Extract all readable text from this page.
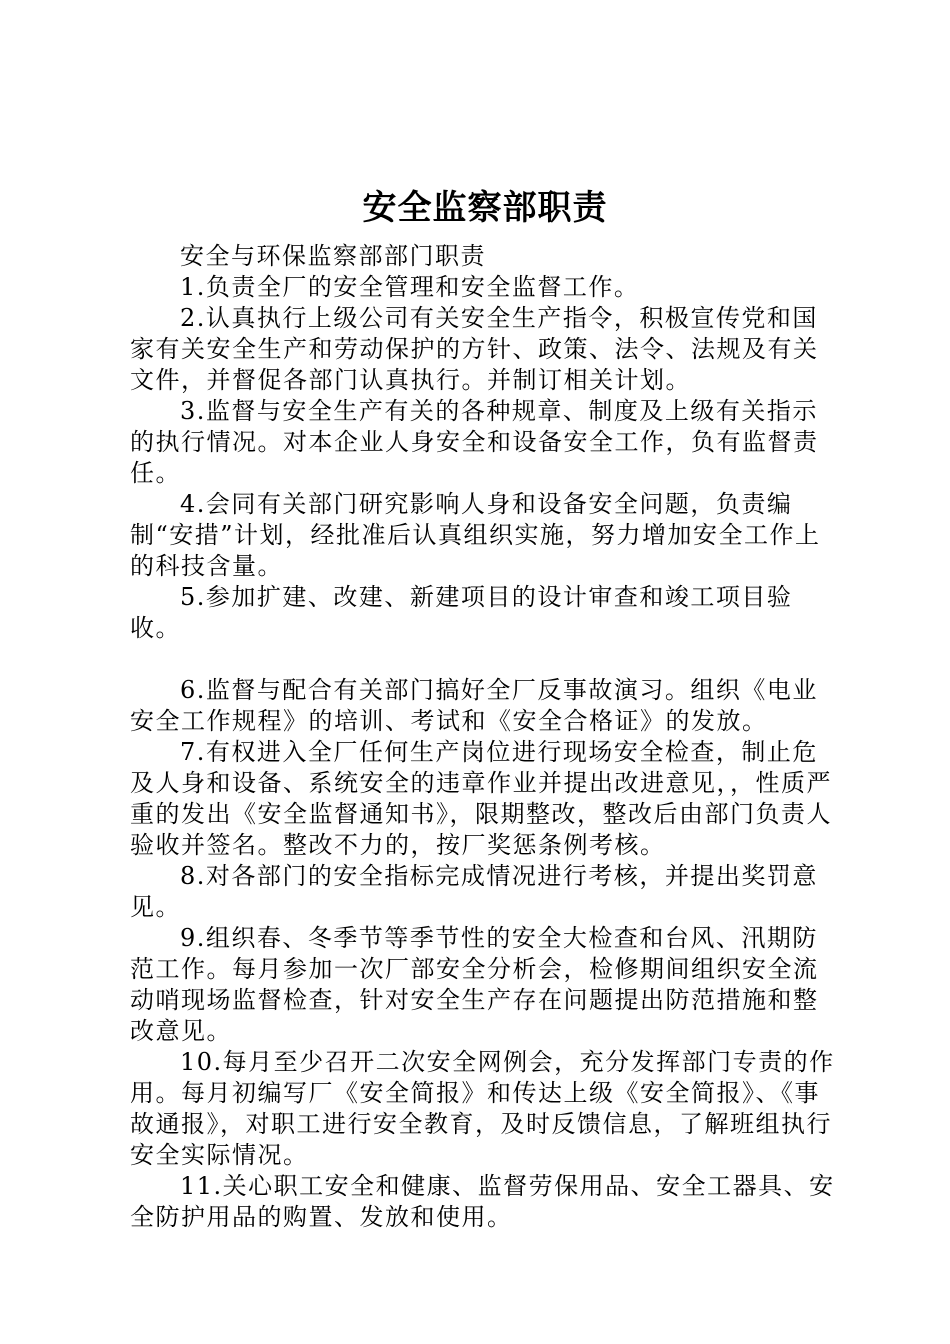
安全监察部职责

安全与环保监察部部门职责

1.负责全厂的安全管理和安全监督工作。

2.认真执行上级公司有关安全生产指令，积极宣传党和国家有关安全生产和劳动保护的方针、政策、法令、法规及有关文件，并督促各部门认真执行。并制订相关计划。

3.监督与安全生产有关的各种规章、制度及上级有关指示的执行情况。对本企业人身安全和设备安全工作，负有监督责任。

4.会同有关部门研究影响人身和设备安全问题，负责编制“安措”计划，经批准后认真组织实施，努力增加安全工作上的科技含量。

5.参加扩建、改建、新建项目的设计审查和竣工项目验收。

6.监督与配合有关部门搞好全厂反事故演习。组织《电业安全工作规程》的培训、考试和《安全合格证》的发放。

7.有权进入全厂任何生产岗位进行现场安全检查，制止危及人身和设备、系统安全的违章作业并提出改进意见，，性质严重的发出《安全监督通知书》，限期整改，整改后由部门负责人验收并签名。整改不力的，按厂奖惩条例考核。

8.对各部门的安全指标完成情况进行考核，并提出奖罚意见。

9.组织春、冬季节等季节性的安全大检查和台风、汛期防范工作。每月参加一次厂部安全分析会，检修期间组织安全流动哨现场监督检查，针对安全生产存在问题提出防范措施和整改意见。

10.每月至少召开二次安全网例会，充分发挥部门专责的作用。每月初编写厂《安全简报》和传达上级《安全简报》、《事故通报》，对职工进行安全教育，及时反馈信息，了解班组执行安全实际情况。

11.关心职工安全和健康、监督劳保用品、安全工器具、安全防护用品的购置、发放和使用。
